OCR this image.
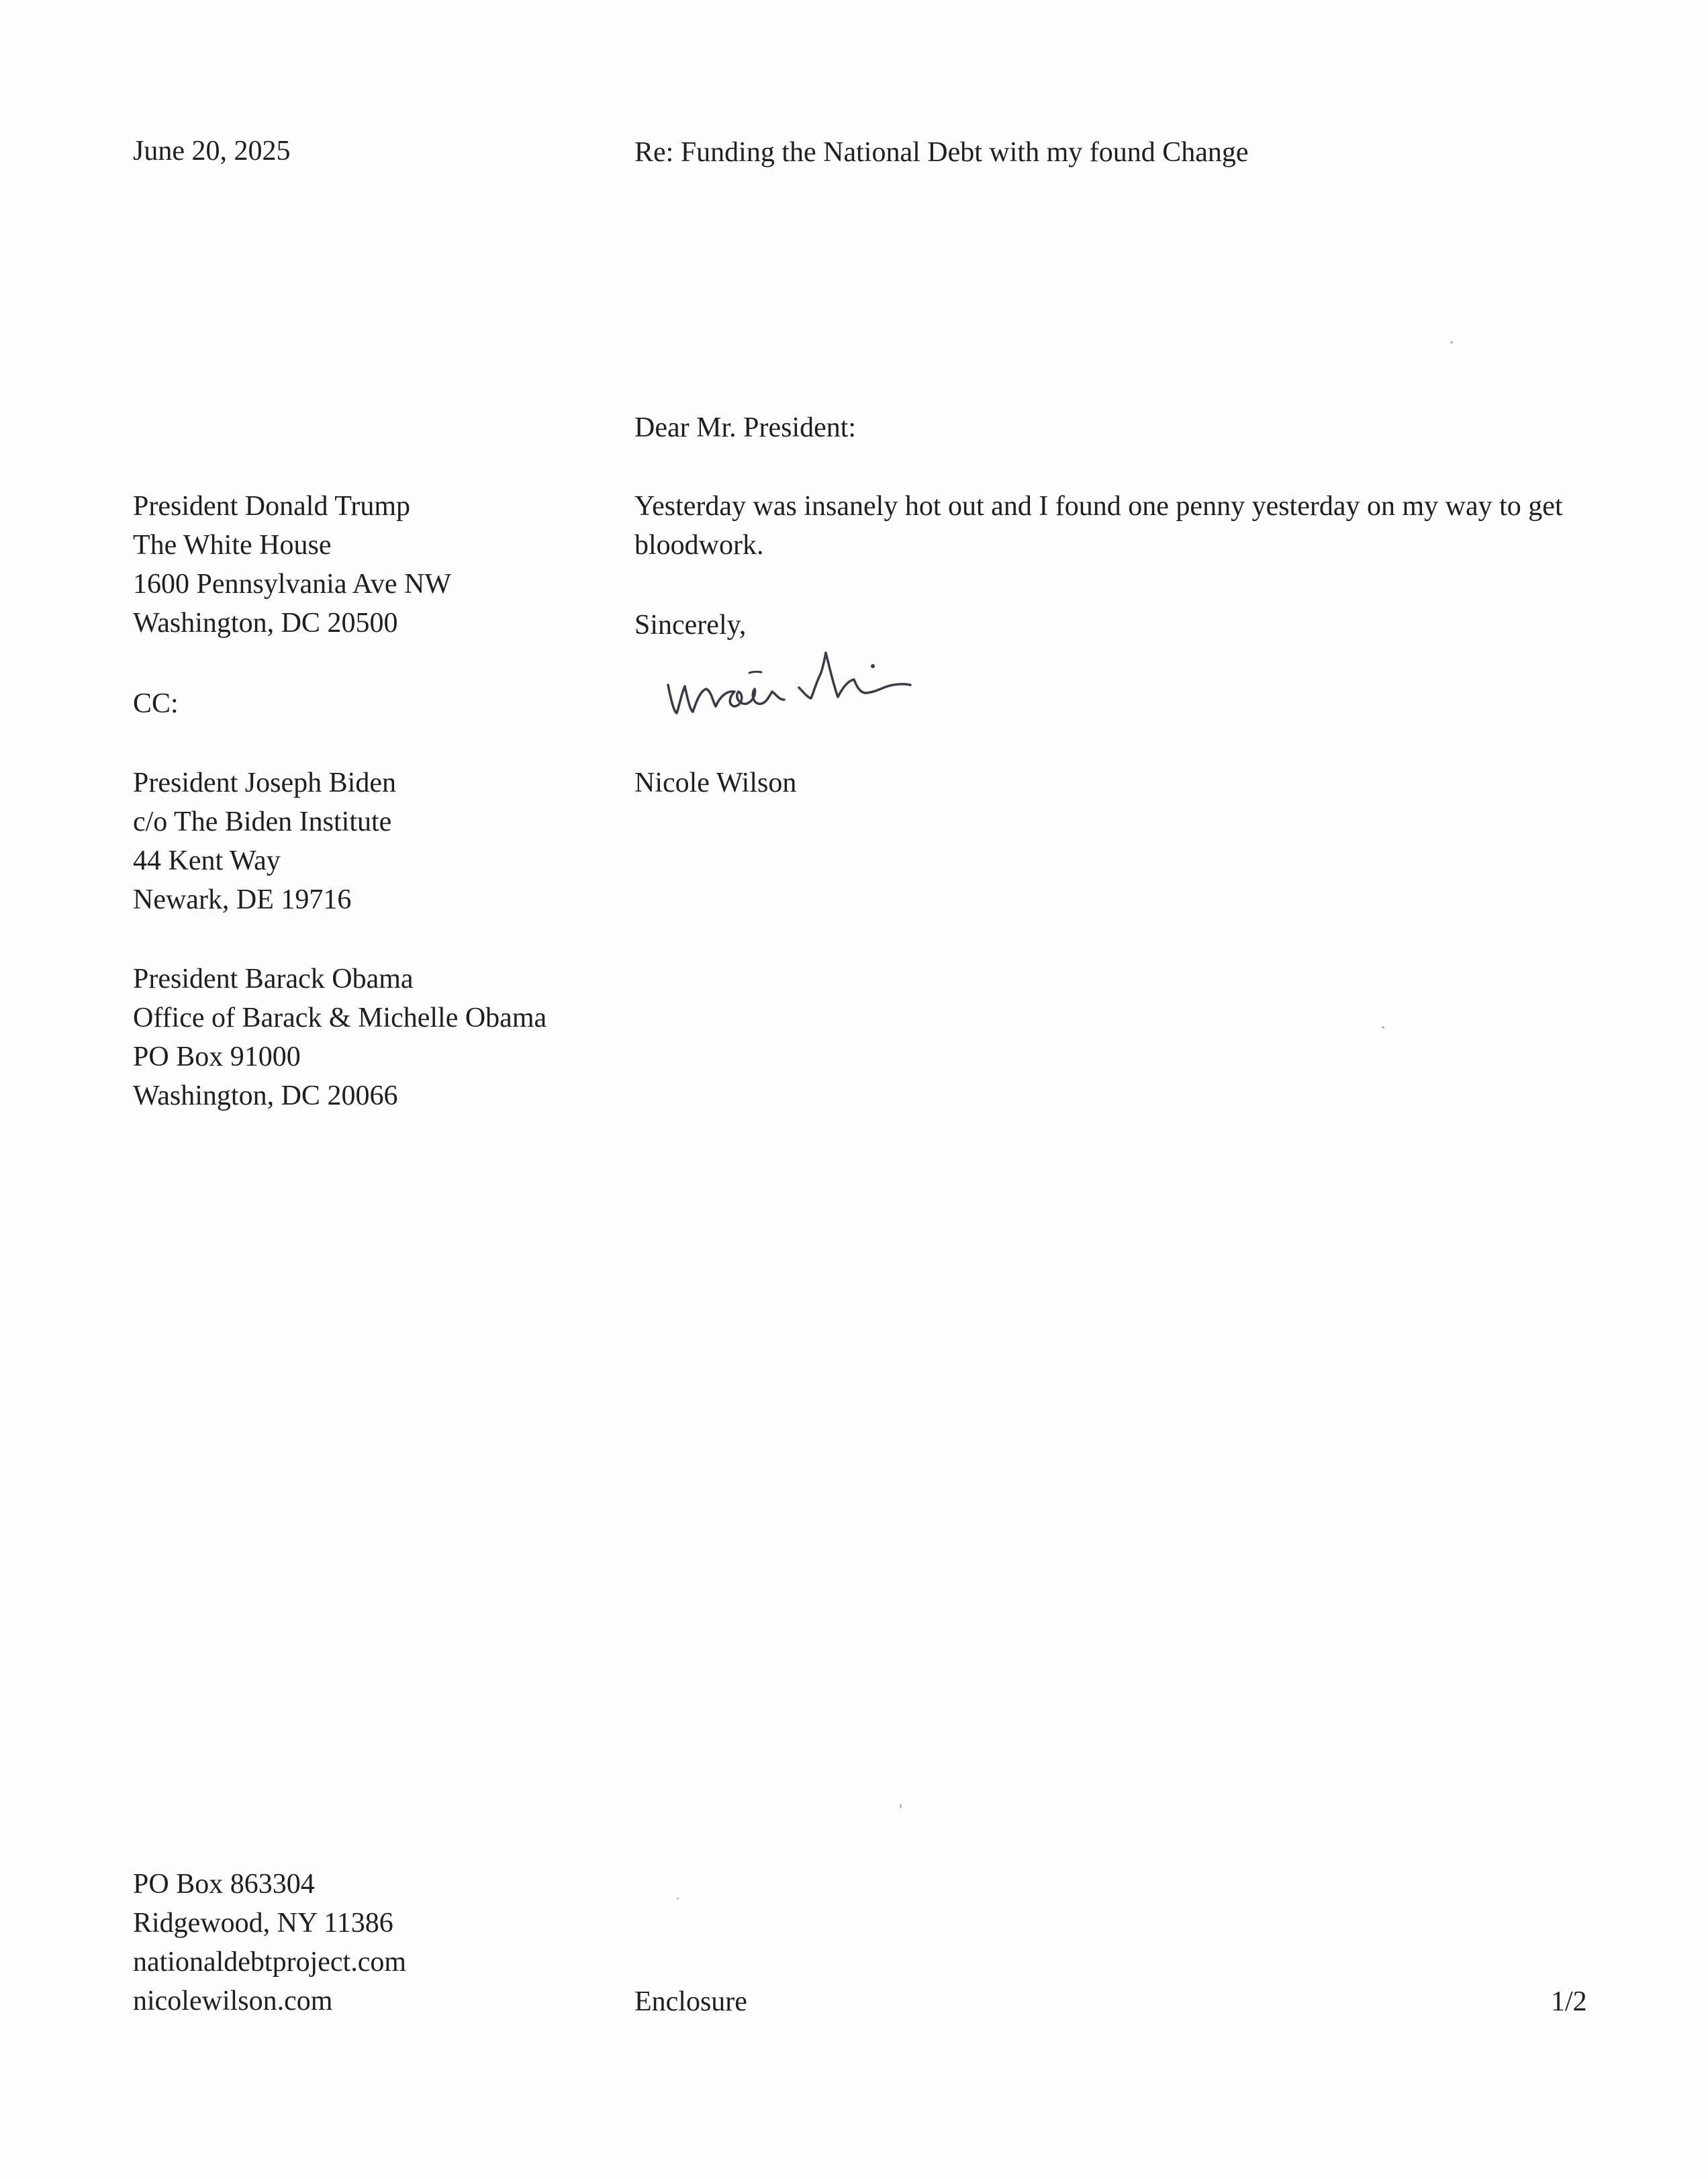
June 20, 2025	Re: Funding the National Debt with my found Change
Dear Mr. President:
President Donald Trump
The White House
1600 Pennsylvania Ave NW
Washington, DC 20500
Yesterday was insanely hot out and I found one penny yesterday on my way to get bloodwork.
Sincerely,
Nicole Wilson
CC:
President Joseph Biden
c/o The Biden Institute
44 Kent Way
Newark, DE 19716
President Barack Obama
Office of Barack & Michelle Obama
PO Box 91000
Washington, DC 20066
PO Box 863304
Ridgewood, NY 11386
nationaldebtproject.com
nicolewilson.com	Enclosure	1/2
